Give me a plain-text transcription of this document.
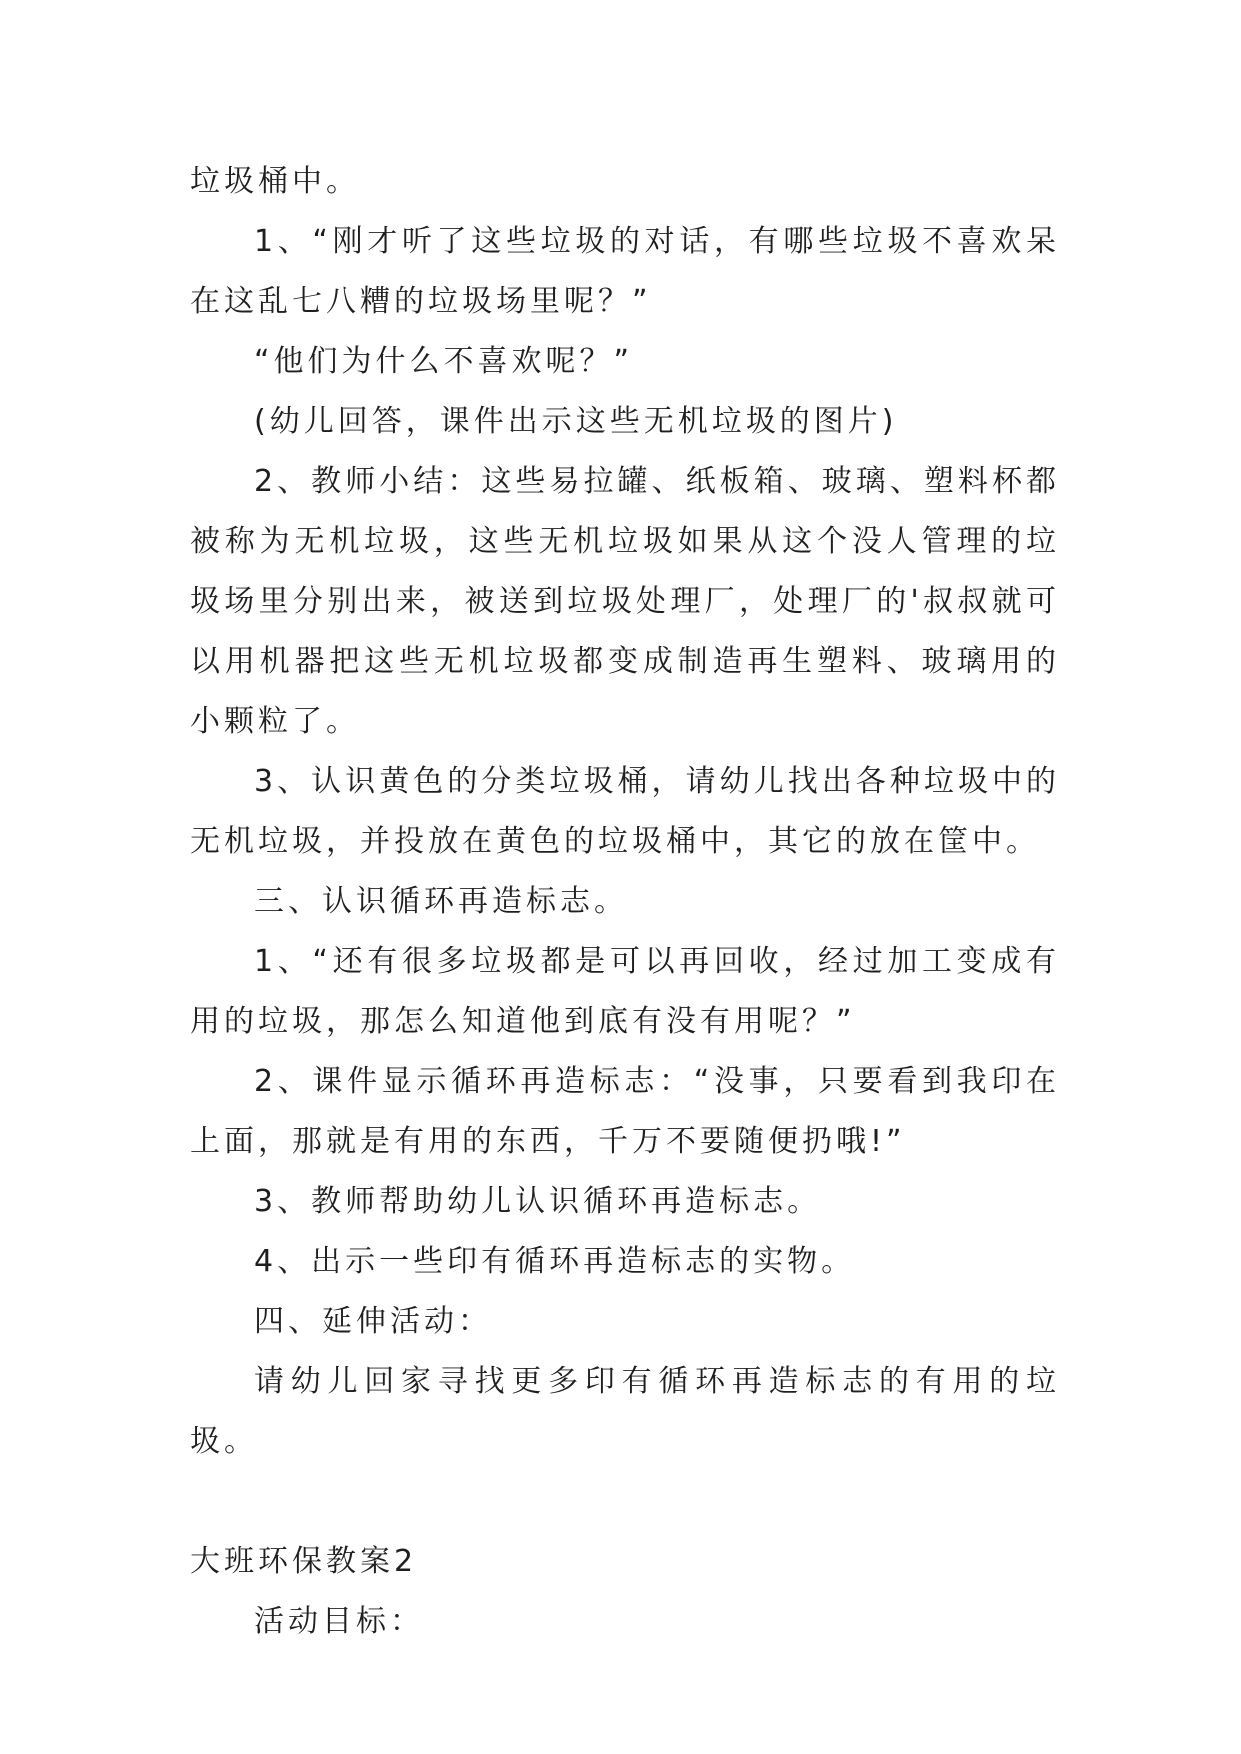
垃圾桶中。

1、“刚才听了这些垃圾的对话，有哪些垃圾不喜欢呆在这乱七八糟的垃圾场里呢？”

“他们为什么不喜欢呢？”

(幼儿回答，课件出示这些无机垃圾的图片)

2、教师小结：这些易拉罐、纸板箱、玻璃、塑料杯都被称为无机垃圾，这些无机垃圾如果从这个没人管理的垃圾场里分别出来，被送到垃圾处理厂，处理厂的'叔叔就可以用机器把这些无机垃圾都变成制造再生塑料、玻璃用的小颗粒了。

3、认识黄色的分类垃圾桶，请幼儿找出各种垃圾中的无机垃圾，并投放在黄色的垃圾桶中，其它的放在筐中。

三、认识循环再造标志。

1、“还有很多垃圾都是可以再回收，经过加工变成有用的垃圾，那怎么知道他到底有没有用呢？”

2、课件显示循环再造标志：“没事，只要看到我印在上面，那就是有用的东西，千万不要随便扔哦!”

3、教师帮助幼儿认识循环再造标志。

4、出示一些印有循环再造标志的实物。

四、延伸活动：

请幼儿回家寻找更多印有循环再造标志的有用的垃圾。

大班环保教案2

活动目标：
